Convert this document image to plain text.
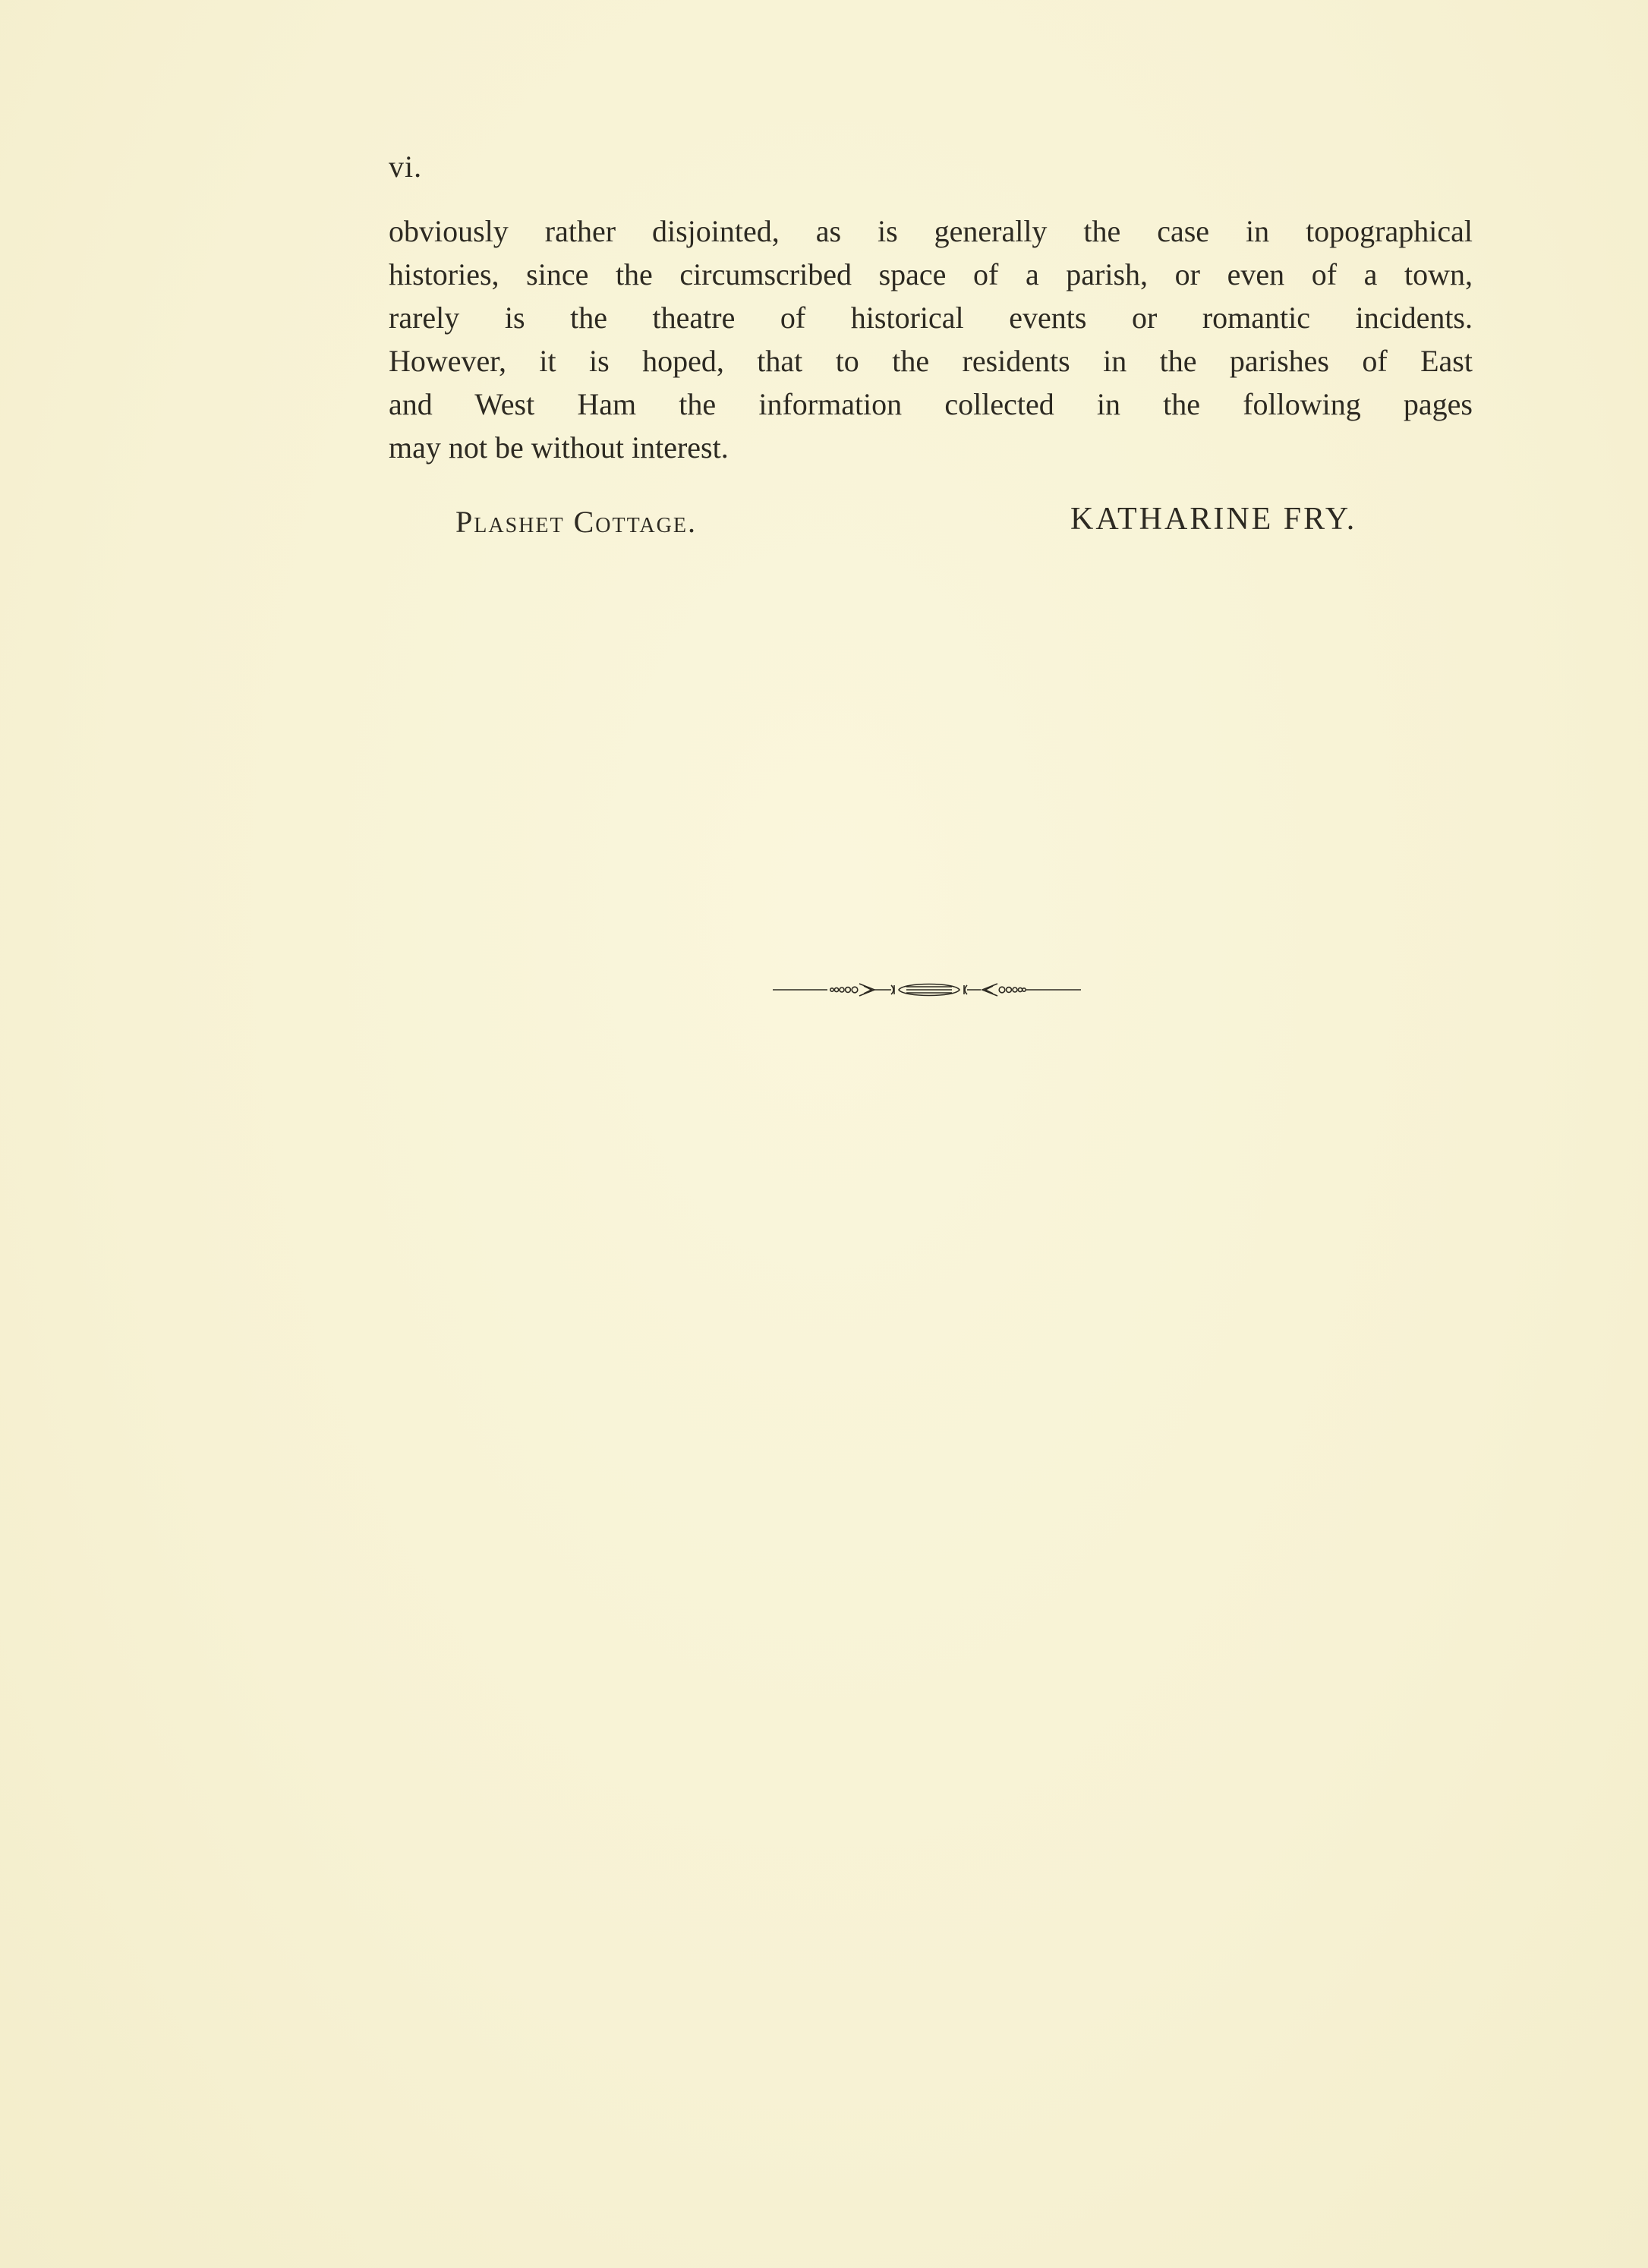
vi.
obviously rather disjointed, as is generally the case in topographical
histories, since the circumscribed space of a parish, or even of a town,
rarely is the theatre of historical events or romantic incidents.
However, it is hoped, that to the residents in the parishes of East
and West Ham the information collected in the following pages
may not be without interest.
Plashet Cottage.	KATHARINE FRY.
